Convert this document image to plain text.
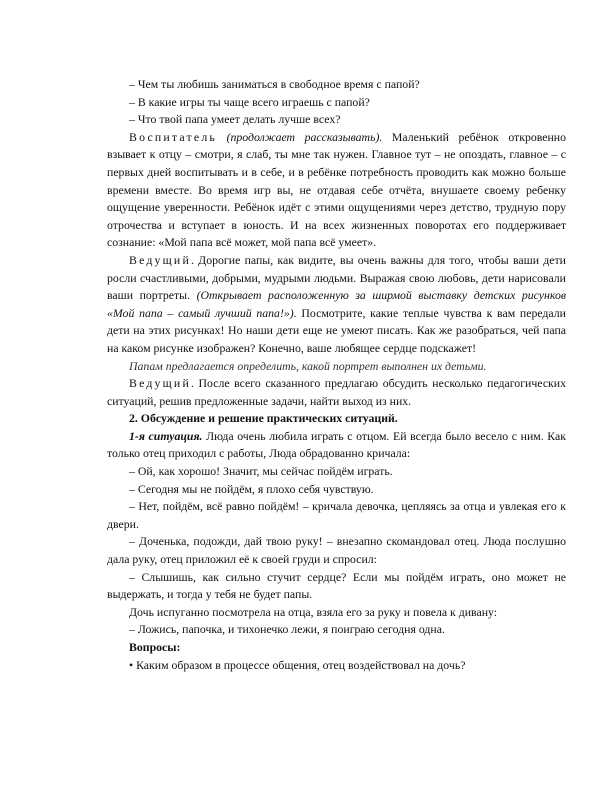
– Чем ты любишь заниматься в свободное время с папой?

– В какие игры ты чаще всего играешь с папой?

– Что твой папа умеет делать лучше всех?

Воспитатель (продолжает рассказывать). Маленький ребёнок откровенно взывает к отцу – смотри, я слаб, ты мне так нужен. Главное тут – не опоздать, главное – с первых дней воспитывать и в себе, и в ребёнке потребность проводить как можно больше времени вместе. Во время игр вы, не отдавая себе отчёта, внушаете своему ребенку ощущение уверенности. Ребёнок идёт с этими ощущениями через детство, трудную пору отрочества и вступает в юность. И на всех жизненных поворотах его поддерживает сознание: «Мой папа всё может, мой папа всё умеет».

Ведущий. Дорогие папы, как видите, вы очень важны для того, чтобы ваши дети росли счастливыми, добрыми, мудрыми людьми. Выражая свою любовь, дети нарисовали ваши портреты. (Открывает расположенную за ширмой выставку детских рисунков «Мой папа – самый лучший папа!»). Посмотрите, какие теплые чувства к вам передали дети на этих рисунках! Но наши дети еще не умеют писать. Как же разобраться, чей папа на каком рисунке изображен? Конечно, ваше любящее сердце подскажет!

Папам предлагается определить, какой портрет выполнен их детьми.

Ведущий. После всего сказанного предлагаю обсудить несколько педагогических ситуаций, решив предложенные задачи, найти выход из них.

2. Обсуждение и решение практических ситуаций.

1-я ситуация. Люда очень любила играть с отцом. Ей всегда было весело с ним. Как только отец приходил с работы, Люда обрадованно кричала:

– Ой, как хорошо! Значит, мы сейчас пойдём играть.

– Сегодня мы не пойдём, я плохо себя чувствую.

– Нет, пойдём, всё равно пойдём! – кричала девочка, цепляясь за отца и увлекая его к двери.

– Доченька, подожди, дай твою руку! – внезапно скомандовал отец. Люда послушно дала руку, отец приложил её к своей груди и спросил:

– Слышишь, как сильно стучит сердце? Если мы пойдём играть, оно может не выдержать, и тогда у тебя не будет папы.

Дочь испуганно посмотрела на отца, взяла его за руку и повела к дивану:

– Ложись, папочка, и тихонечко лежи, я поиграю сегодня одна.

Вопросы:

• Каким образом в процессе общения, отец воздействовал на дочь?
